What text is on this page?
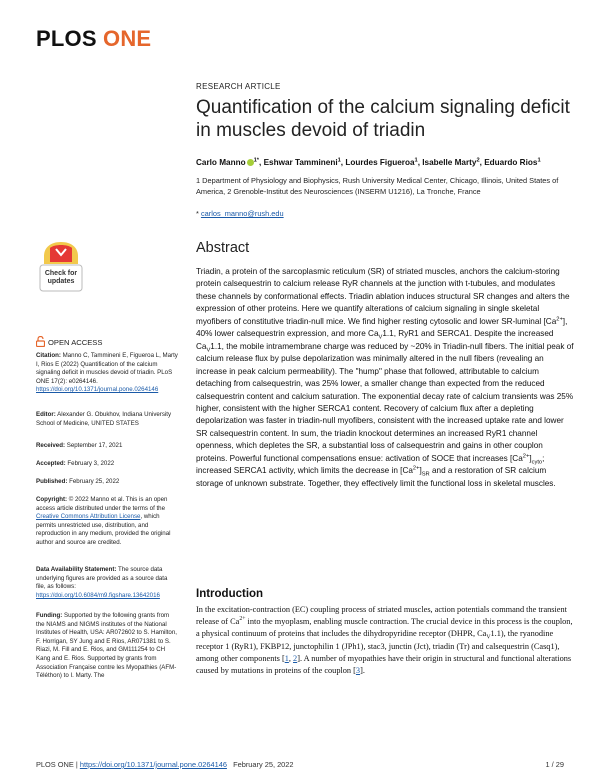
PLOS ONE
RESEARCH ARTICLE
Quantification of the calcium signaling deficit in muscles devoid of triadin
Carlo Manno $^{1*}$, Eshwar Tammineni$^1$, Lourdes Figueroa$^1$, Isabelle Marty$^2$, Eduardo Rios$^1$
1 Department of Physiology and Biophysics, Rush University Medical Center, Chicago, Illinois, United States of America, 2 Grenoble-Institut des Neurosciences (INSERM U1216), La Tronche, France
* carlos_manno@rush.edu
Check for updates
OPEN ACCESS
Citation: Manno C, Tammineni E, Figueroa L, Marty I, Rios E (2022) Quantification of the calcium signaling deficit in muscles devoid of triadin. PLoS ONE 17(2): e0264146. https://doi.org/10.1371/journal.pone.0264146
Editor: Alexander G. Obukhov, Indiana University School of Medicine, UNITED STATES
Received: September 17, 2021
Accepted: February 3, 2022
Published: February 25, 2022
Copyright: © 2022 Manno et al. This is an open access article distributed under the terms of the Creative Commons Attribution License, which permits unrestricted use, distribution, and reproduction in any medium, provided the original author and source are credited.
Data Availability Statement: The source data underlying figures are provided as a source data file, as follows: https://doi.org/10.6084/m9.figshare.13642016
Funding: Supported by the following grants from the NIAMS and NIGMS institutes of the National Institutes of Health, USA: AR072602 to S. Hamilton, F. Horrigan, SY Jung and E Rios, AR071381 to S. Riazi, M. Fill and E. Rios, and GM111254 to CH Kang and E. Rios. Supported by grants from Association Française contre les Myopathies (AFM-Téléthon) to I. Marty. The
Abstract

Triadin, a protein of the sarcoplasmic reticulum (SR) of striated muscles, anchors the calcium-storing protein calsequestrin to calcium release RyR channels at the junction with t-tubules, and modulates these channels by conformational effects. Triadin ablation induces structural SR changes and alters the expression of other proteins. Here we quantify alterations of calcium signaling in single skeletal myofibers of constitutive triadin-null mice. We find higher resting cytosolic and lower SR-luminal $[Ca^{2+}]$, 40% lower calsequestrin expression, and more $Ca_V1.1$, RyR1 and SERCA1. Despite the increased $Ca_V1.1$, the mobile intramembrane charge was reduced by ~20% in Triadin-null fibers. The initial peak of calcium release flux by pulse depolarization was minimally altered in the null fibers (revealing an increase in peak calcium permeability). The "hump" phase that followed, attributable to calcium detaching from calsequestrin, was 25% lower, a smaller change than expected from the reduced calsequestrin content and calcium saturation. The exponential decay rate of calcium transients was 25% higher, consistent with the higher SERCA1 content. Recovery of calcium flux after a depleting depolarization was faster in triadin-null myofibers, consistent with the increased uptake rate and lower SR calsequestrin content. In sum, the triadin knockout determines an increased RyR1 channel openness, which depletes the SR, a substantial loss of calsequestrin and gains in other couplon proteins. Powerful functional compensations ensue: activation of SOCE that increases $[Ca^{2+}]_{cyto}$; increased SERCA1 activity, which limits the decrease in $[Ca^{2+}]_{SR}$ and a restoration of SR calcium storage of unknown substrate. Together, they effectively limit the functional loss in skeletal muscles.

Introduction

In the excitation-contraction (EC) coupling process of striated muscles, action potentials command the transient release of $Ca^{2+}$ into the myoplasm, enabling muscle contraction. The crucial device in this process is the couplon, a physical continuum of proteins that includes the dihydropyridine receptor (DHPR, $Ca_V1.1$), the ryanodine receptor 1 (RyR1), FKBP12, junctophilin 1 (JPh1), stac3, junctin (Jct), triadin (Tr) and calsequestrin (Casq1), among other components [1, 2]. A number of myopathies have their origin in structural and functional alterations caused by mutations in proteins of the couplon [3].

PLOS ONE | https://doi.org/10.1371/journal.pone.0264146 February 25, 2022	1 / 29
